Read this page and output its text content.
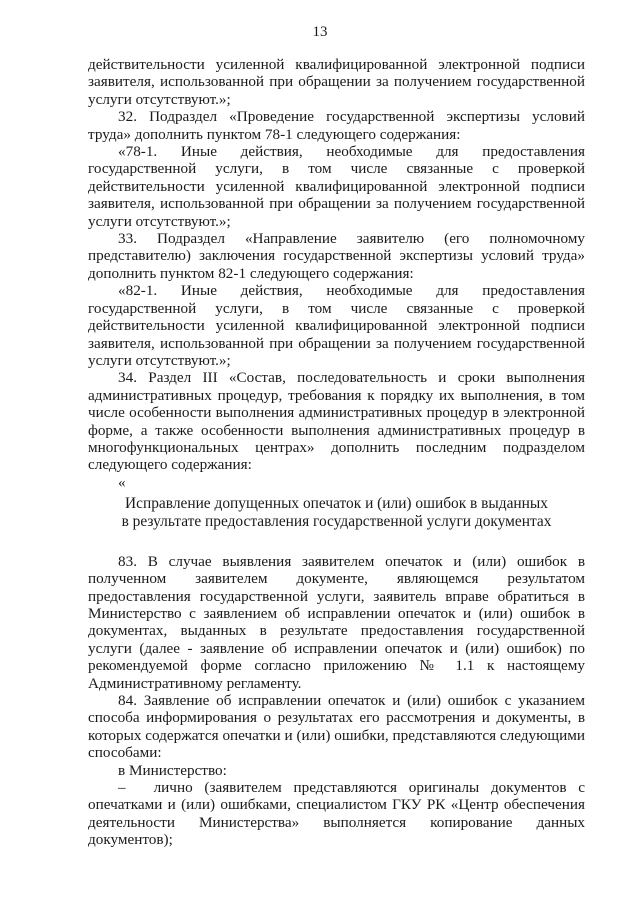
13

действительности усиленной квалифицированной электронной подписи заявителя, использованной при обращении за получением государственной услуги отсутствуют.»;

32. Подраздел «Проведение государственной экспертизы условий труда» дополнить пунктом 78-1 следующего содержания:

«78-1. Иные действия, необходимые для предоставления государственной услуги, в том числе связанные с проверкой действительности усиленной квалифицированной электронной подписи заявителя, использованной при обращении за получением государственной услуги отсутствуют.»;

33. Подраздел «Направление заявителю (его полномочному представителю) заключения государственной экспертизы условий труда» дополнить пунктом 82-1 следующего содержания:

«82-1. Иные действия, необходимые для предоставления государственной услуги, в том числе связанные с проверкой действительности усиленной квалифицированной электронной подписи заявителя, использованной при обращении за получением государственной услуги отсутствуют.»;

34. Раздел III «Состав, последовательность и сроки выполнения административных процедур, требования к порядку их выполнения, в том числе особенности выполнения административных процедур в электронной форме, а также особенности выполнения административных процедур в многофункциональных центрах» дополнить последним подразделом следующего содержания:

«

Исправление допущенных опечаток и (или) ошибок в выданных

в результате предоставления государственной услуги документах

83. В случае выявления заявителем опечаток и (или) ошибок в полученном заявителем документе, являющемся результатом предоставления государственной услуги, заявитель вправе обратиться в Министерство с заявлением об исправлении опечаток и (или) ошибок в документах, выданных в результате предоставления государственной услуги (далее - заявление об исправлении опечаток и (или) ошибок) по рекомендуемой форме согласно приложению № 1.1 к настоящему Административному регламенту.

84. Заявление об исправлении опечаток и (или) ошибок с указанием способа информирования о результатах его рассмотрения и документы, в которых содержатся опечатки и (или) ошибки, представляются следующими способами:

в Министерство:

– лично (заявителем представляются оригиналы документов с опечатками и (или) ошибками, специалистом ГКУ РК «Центр обеспечения деятельности Министерства» выполняется копирование данных документов);
